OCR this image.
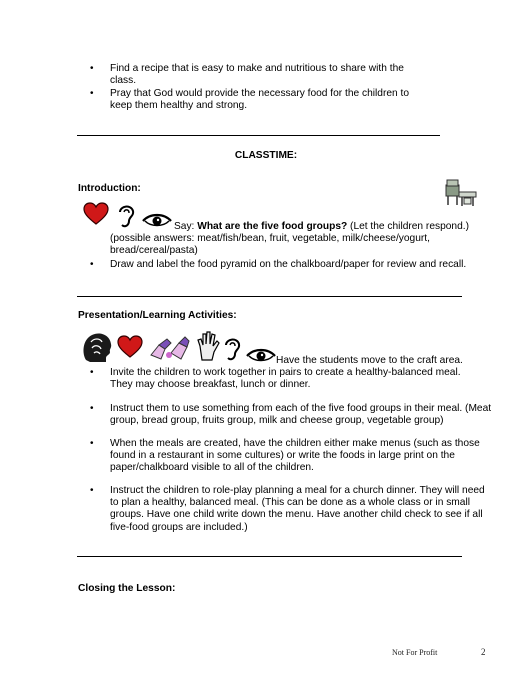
•	Find a recipe that is easy to make and nutritious to share with the class.
•	Pray that God would provide the necessary food for the children to keep them healthy and strong.
CLASSTIME:
Introduction:
Say: What are the five food groups? (Let the children respond.) (possible answers: meat/fish/bean, fruit, vegetable, milk/cheese/yogurt, bread/cereal/pasta)
•	Draw and label the food pyramid on the chalkboard/paper for review and recall.
Presentation/Learning Activities:
Have the students move to the craft area.
•	Invite the children to work together in pairs to create a healthy-balanced meal. They may choose breakfast, lunch or dinner.
•	Instruct them to use something from each of the five food groups in their meal. (Meat group, bread group, fruits group, milk and cheese group, vegetable group)
•	When the meals are created, have the children either make menus (such as those found in a restaurant in some cultures) or write the foods in large print on the paper/chalkboard visible to all of the children.
•	Instruct the children to role-play planning a meal for a church dinner. They will need to plan a healthy, balanced meal. (This can be done as a whole class or in small groups. Have one child write down the menu. Have another child check to see if all five-food groups are included.)
Closing the Lesson:
Not For Profit	2
